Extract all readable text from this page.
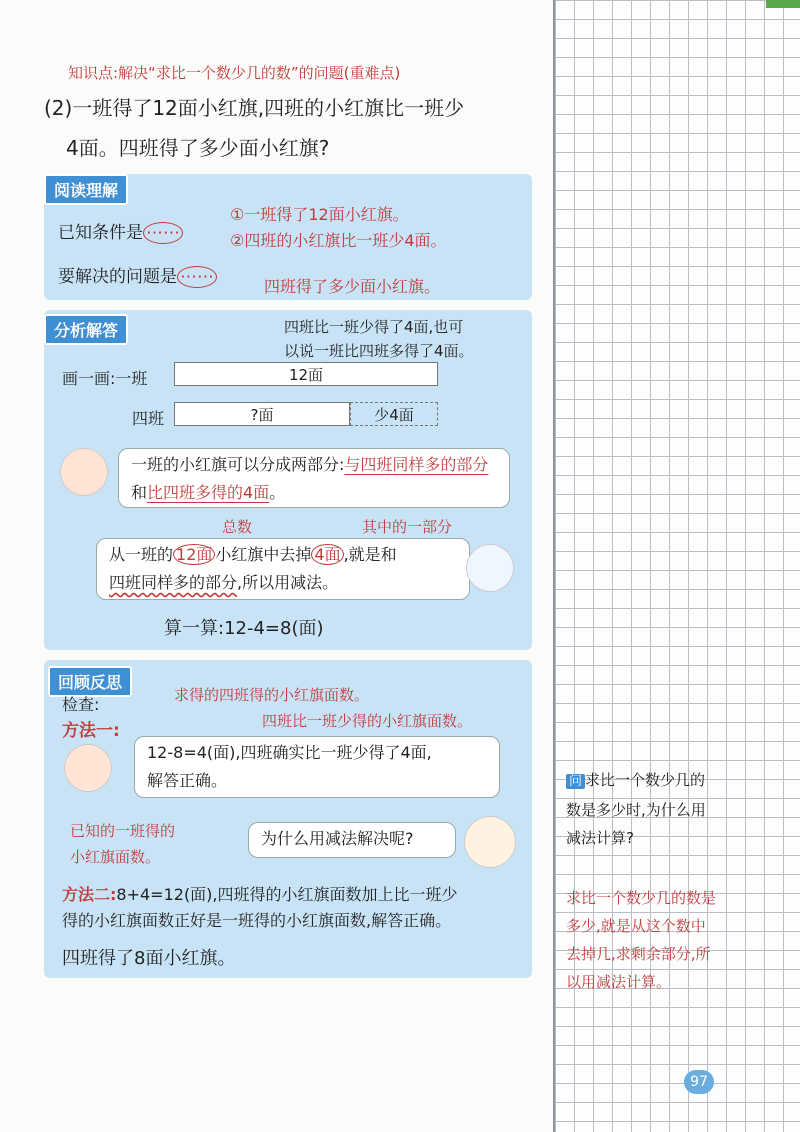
知识点:解决“求比一个数少几的数”的问题(重难点)
(2)一班得了12面小红旗,四班的小红旗比一班少
4面。四班得了多少面小红旗?
阅读理解
已知条件是 ⋯⋯
①一班得了12面小红旗。
②四班的小红旗比一班少4面。
要解决的问题是 ⋯⋯	四班得了多少面小红旗。
分析解答	四班比一班少得了4面,也可
以说一班比四班多得了4面。
画一画:一班	12面
四班	?面	少4面
一班的小红旗可以分成两部分:与四班同样多的部分和比四班多得的4面。
总数	其中的一部分
从一班的 12面 小红旗中去掉 4面 ,就是和
四班同样多的部分,所以用减法。
算一算:12-4=8(面)
回顾反思
求得的四班得的小红旗面数。
检查:
方法一:	四班比一班少得的小红旗面数。
12-8=4(面),四班确实比一班少得了4面,
解答正确。
已知的一班得的
小红旗面数。
为什么用减法解决呢?
方法二:8+4=12(面),四班得的小红旗面数加上比一班少
得的小红旗面数正好是一班得的小红旗面数,解答正确。
四班得了8面小红旗。
问 求比一个数少几的数是多少时,为什么用减法计算?
求比一个数少几的数是多少,就是从这个数中去掉几,求剩余部分,所以用减法计算。
97
